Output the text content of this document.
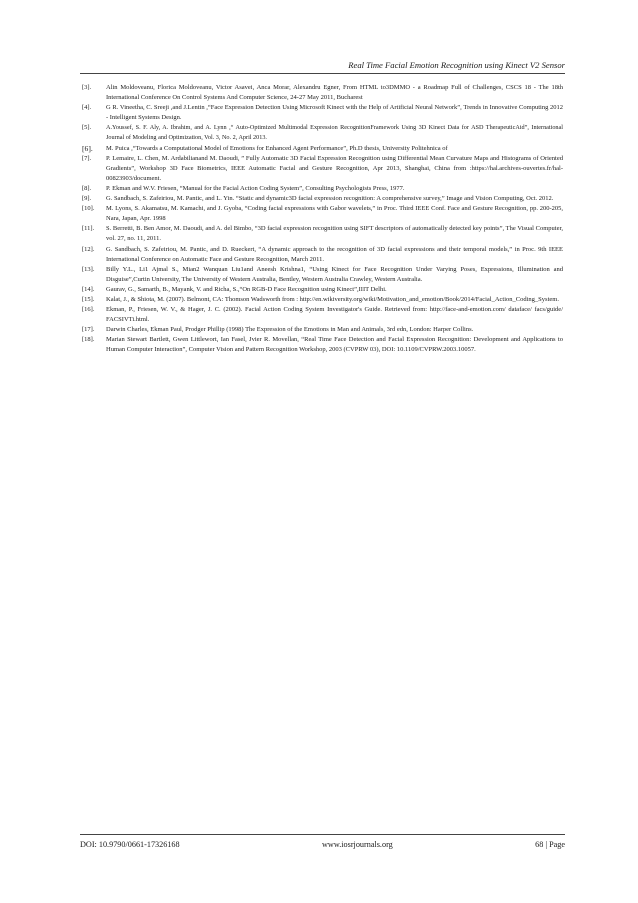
Real Time Facial Emotion Recognition using Kinect V2 Sensor
[3].	Alin Moldoveanu, Florica Moldoveanu, Victor Asavei, Anca Morar, Alexandru Egner, From HTML to3DMMO - a Roadmap Full of Challenges, CSCS 18 - The 18th International Conference On Control Systems And Computer Science, 24-27 May 2011, Bucharest
[4].	G R. Vineetha, C. Sreeji ,and J.Lentin ,“Face Expression Detection Using Microsoft Kinect with the Help of Artificial Neural Network”, Trends in Innovative Computing 2012 - Intelligent Systems Design.
[5].	A.Youssef, S. F. Aly, A. Ibrahim, and A. Lynn ,“ Auto-Optimized Multimodal Expression RecognitionFramework Using 3D Kinect Data for ASD TherapeuticAid”, International Journal of Modeling and Optimization, Vol. 3, No. 2, April 2013.
[6].	M. Puica ,“Towards a Computational Model of Emotions for Enhanced Agent Performance”, Ph.D thesis, University Politehnica of
[7].	P. Lemaire, L. Chen, M. Ardabilianand M. Daoudi, ” Fully Automatic 3D Facial Expression Recognition using Differential Mean Curvature Maps and Histograms of Oriented Gradients”, Workshop 3D Face Biometrics, IEEE Automatic Facial and Gesture Recognition, Apr 2013, Shanghai, China from :https://hal.archives-ouvertes.fr/hal-00823903/document.
[8].	P. Ekman and W.V. Friesen, “Manual for the Facial Action Coding System”, Consulting Psychologists Press, 1977.
[9].	G. Sandbach, S. Zafeiriou, M. Pantic, and L. Yin. “Static and dynamic3D facial expression recognition: A comprehensive survey,” Image and Vision Computing, Oct. 2012.
[10].	M. Lyons, S. Akamatsu, M. Kamachi, and J. Gyoba, “Coding facial expressions with Gabor wavelets,” in Proc. Third IEEE Conf. Face and Gesture Recognition, pp. 200-205, Nara, Japan, Apr. 1998
[11].	S. Berretti, B. Ben Amor, M. Daoudi, and A. del Bimbo, “3D facial expression recognition using SIFT descriptors of automatically detected key points”, The Visual Computer, vol. 27, no. 11, 2011.
[12].	G. Sandbach, S. Zafeiriou, M. Pantic, and D. Rueckert, “A dynamic approach to the recognition of 3D facial expressions and their temporal models,” in Proc. 9th IEEE International Conference on Automatic Face and Gesture Recognition, March 2011.
[13].	Billy Y.L., Li1 Ajmal S., Mian2 Wanquan Liu1and Aneesh Krishna1, “Using Kinect for Face Recognition Under Varying Poses, Expressions, Illumination and Disguise”,Curtin University, The University of Western Australia, Bentley, Western Australia Crawley, Western Australia.
[14].	Gaurav, G., Samarth, B., Mayank, V. and Richa, S.,“On RGB-D Face Recognition using Kinect”,IIIT Delhi.
[15].	Kalat, J., & Shiota, M. (2007). Belmont, CA: Thomson Wadsworth from : http://en.wikiversity.org/wiki/Motivation_and_emotion/Book/2014/Facial_Action_Coding_System.
[16].	Ekman, P., Friesen, W. V., & Hager, J. C. (2002). Facial Action Coding System Investigator's Guide. Retrieved from: http://face-and-emotion.com/ dataface/ facs/guide/ FACSIVTi.html.
[17].	Darwin Charles, Ekman Paul, Prodger Phillip (1998) The Expression of the Emotions in Man and Animals, 3rd edn, London: Harper Collins.
[18].	Marian Stewart Bartlett, Gwen Littlewort, Ian Fasel, Jvier R. Movellan, “Real Time Face Detection and Facial Expression Recognition: Development and Applications to Human Computer Interaction”, Computer Vision and Pattern Recognition Workshop, 2003 (CVPRW 03), DOI: 10.1109/CVPRW.2003.10057.
DOI: 10.9790/0661-17326168	www.iosrjournals.org	68 | Page
